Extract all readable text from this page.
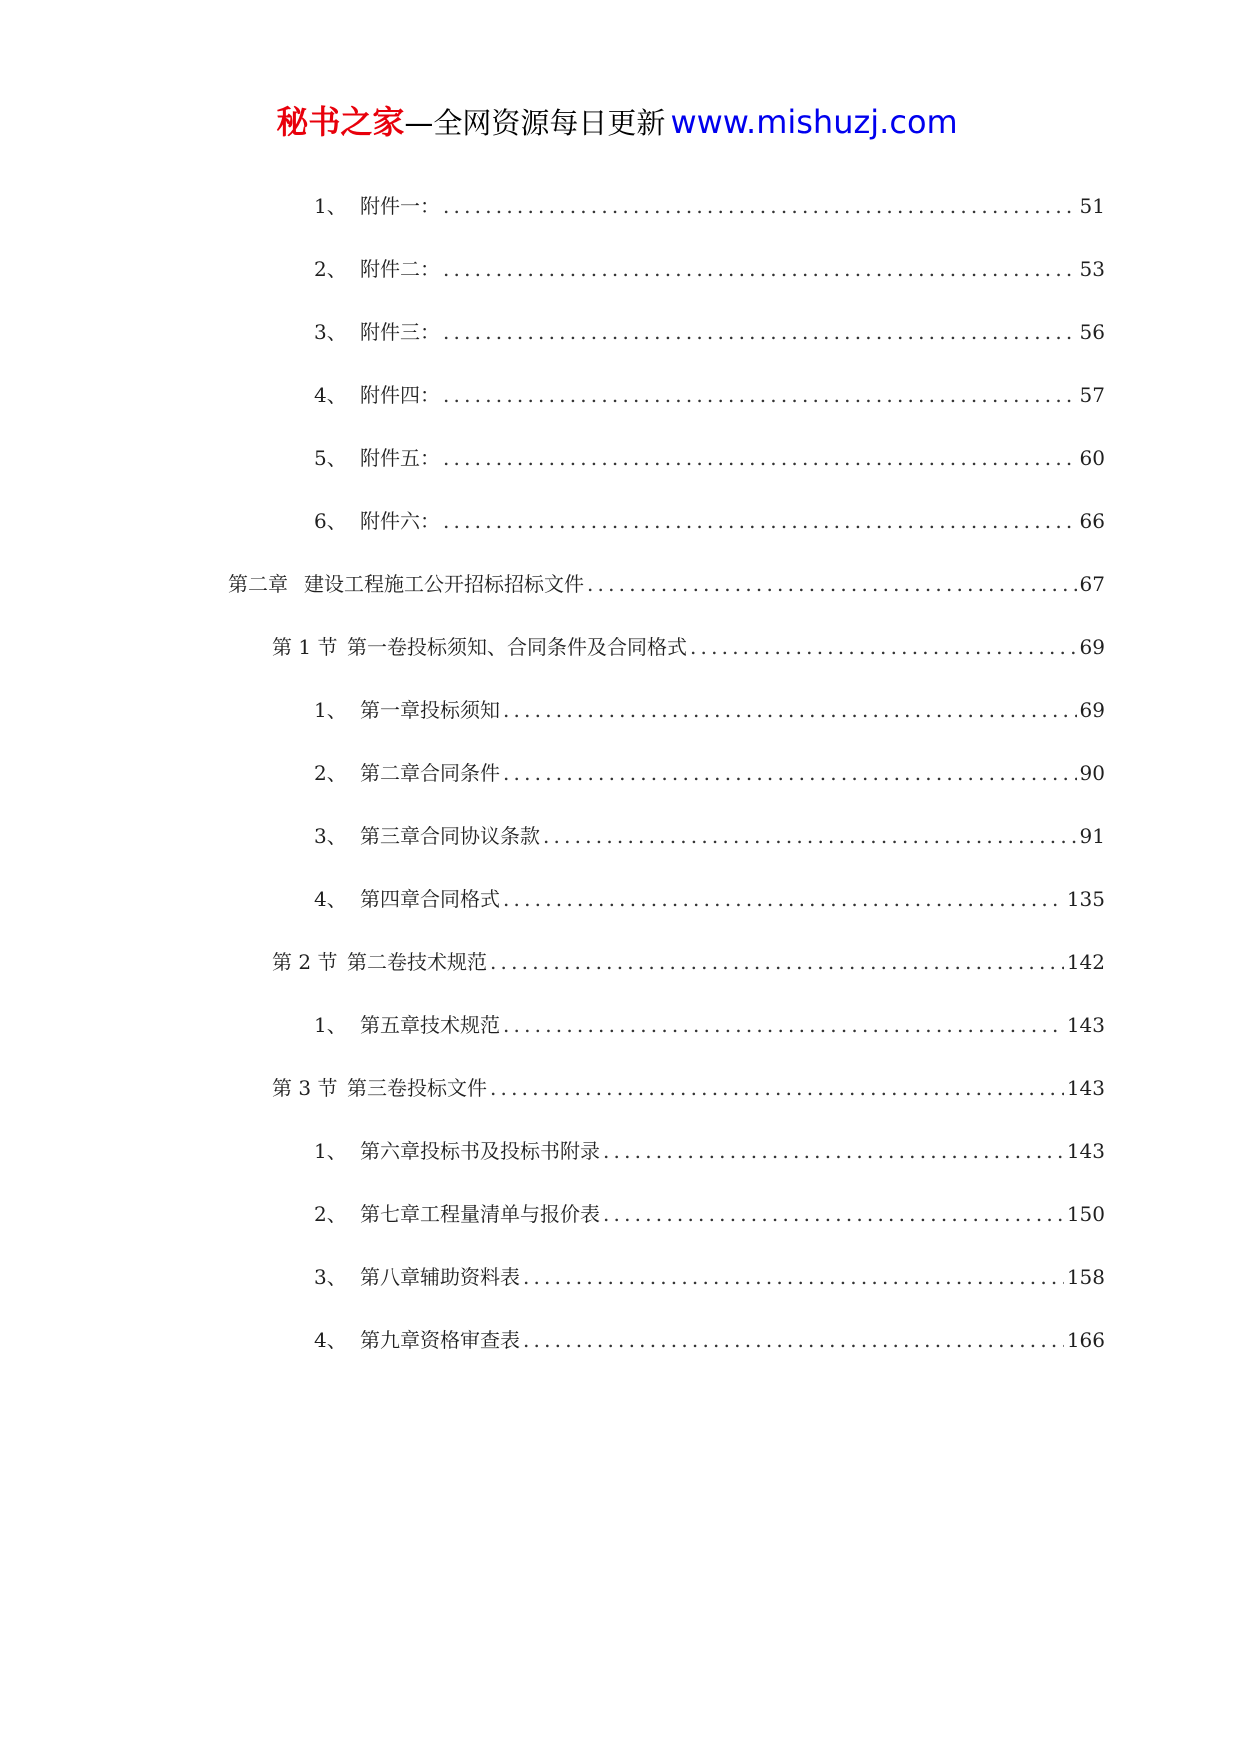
秘书之家—全网资源每日更新 www.mishuzj.com
1、 附件一： .....	51
2、 附件二： .....	53
3、 附件三： .....	56
4、 附件四： .....	57
5、 附件五： .....	60
6、 附件六： .....	66
第二章 建设工程施工公开招标招标文件 .....	67
第 1 节 第一卷投标须知、合同条件及合同格式 .....	69
1、 第一章投标须知 .....	69
2、 第二章合同条件 .....	90
3、 第三章合同协议条款 .....	91
4、 第四章合同格式 .....	135
第 2 节 第二卷技术规范 .....	142
1、 第五章技术规范 .....	143
第 3 节 第三卷投标文件 .....	143
1、 第六章投标书及投标书附录 .....	143
2、 第七章工程量清单与报价表 .....	150
3、 第八章辅助资料表 .....	158
4、 第九章资格审查表 .....	166
